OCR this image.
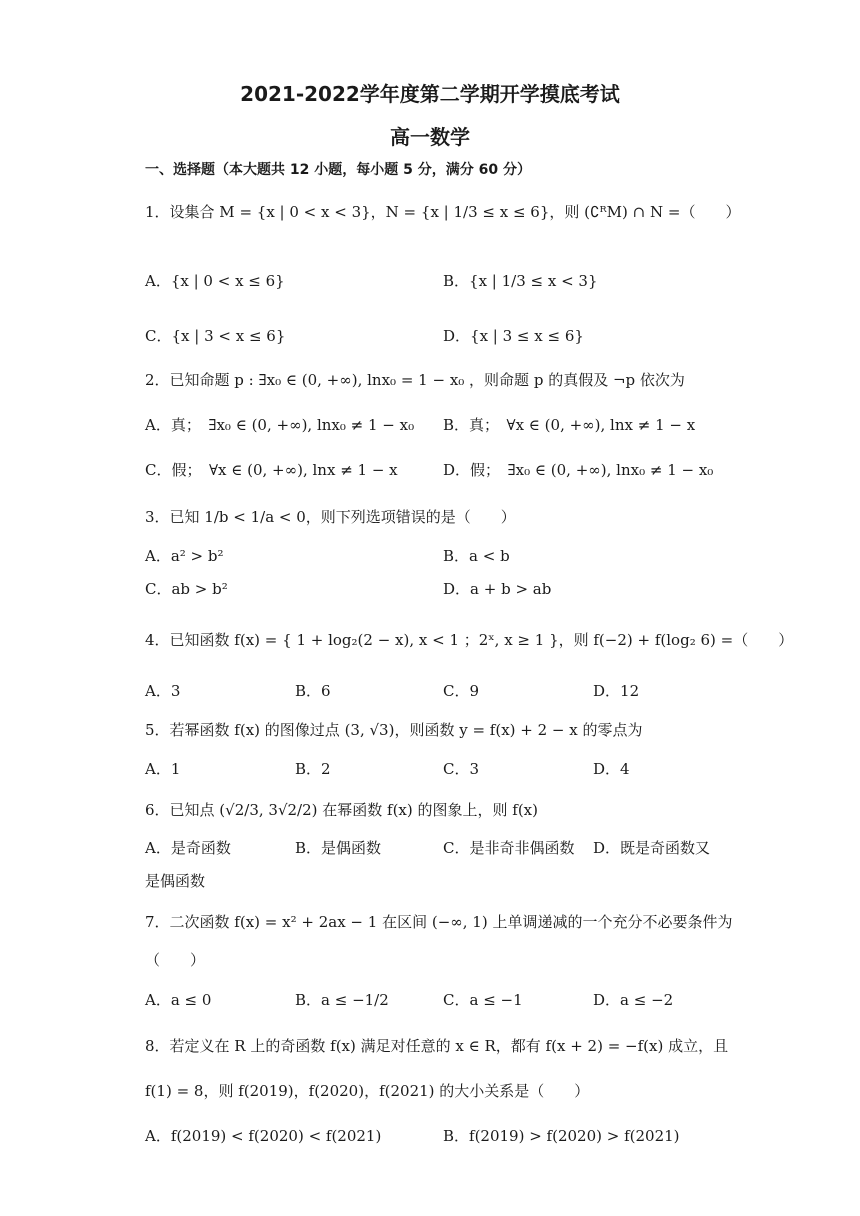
2021-2022学年度第二学期开学摸底考试
高一数学
一、选择题（本大题共 12 小题，每小题 5 分，满分 60 分）
1．设集合 M = {x | 0 < x < 3}，N = {x | 1/3 ≤ x ≤ 6}，则 (∁ᴿM) ∩ N =（　　）
A．{x | 0 < x ≤ 6}	B．{x | 1/3 ≤ x < 3}
C．{x | 3 < x ≤ 6}	D．{x | 3 ≤ x ≤ 6}
2．已知命题 p : ∃x₀ ∈ (0, +∞), lnx₀ = 1 − x₀ ，则命题 p 的真假及 ¬p 依次为
A．真；　∃x₀ ∈ (0, +∞), lnx₀ ≠ 1 − x₀ B．真；　∀x ∈ (0, +∞), lnx ≠ 1 − x
C．假；　∀x ∈ (0, +∞), lnx ≠ 1 − x	D．假；　∃x₀ ∈ (0, +∞), lnx₀ ≠ 1 − x₀
3．已知 1/b < 1/a < 0，则下列选项错误的是（　　）
A．a² > b²	B．a < b
C．ab > b²	D．a + b > ab
4．已知函数 f(x) = { 1 + log₂(2 − x), x < 1 ；2ˣ, x ≥ 1 }，则 f(−2) + f(log₂ 6) =（　　）
A．3	B．6	C．9	D．12
5．若幂函数 f(x) 的图像过点 (3, √3)，则函数 y = f(x) + 2 − x 的零点为
A．1	B．2	C．3	D．4
6．已知点 (√2/3, 3√2/2) 在幂函数 f(x) 的图象上，则 f(x)
A．是奇函数	B．是偶函数	C．是非奇非偶函数 D．既是奇函数又
是偶函数
7．二次函数 f(x) = x² + 2ax − 1 在区间 (−∞, 1) 上单调递减的一个充分不必要条件为
（　　）
A．a ≤ 0	B．a ≤ −1/2	C．a ≤ −1	D．a ≤ −2
8．若定义在 R 上的奇函数 f(x) 满足对任意的 x ∈ R，都有 f(x + 2) = −f(x) 成立，且
f(1) = 8，则 f(2019)，f(2020)，f(2021) 的大小关系是（　　）
A．f(2019) < f(2020) < f(2021)	B．f(2019) > f(2020) > f(2021)
